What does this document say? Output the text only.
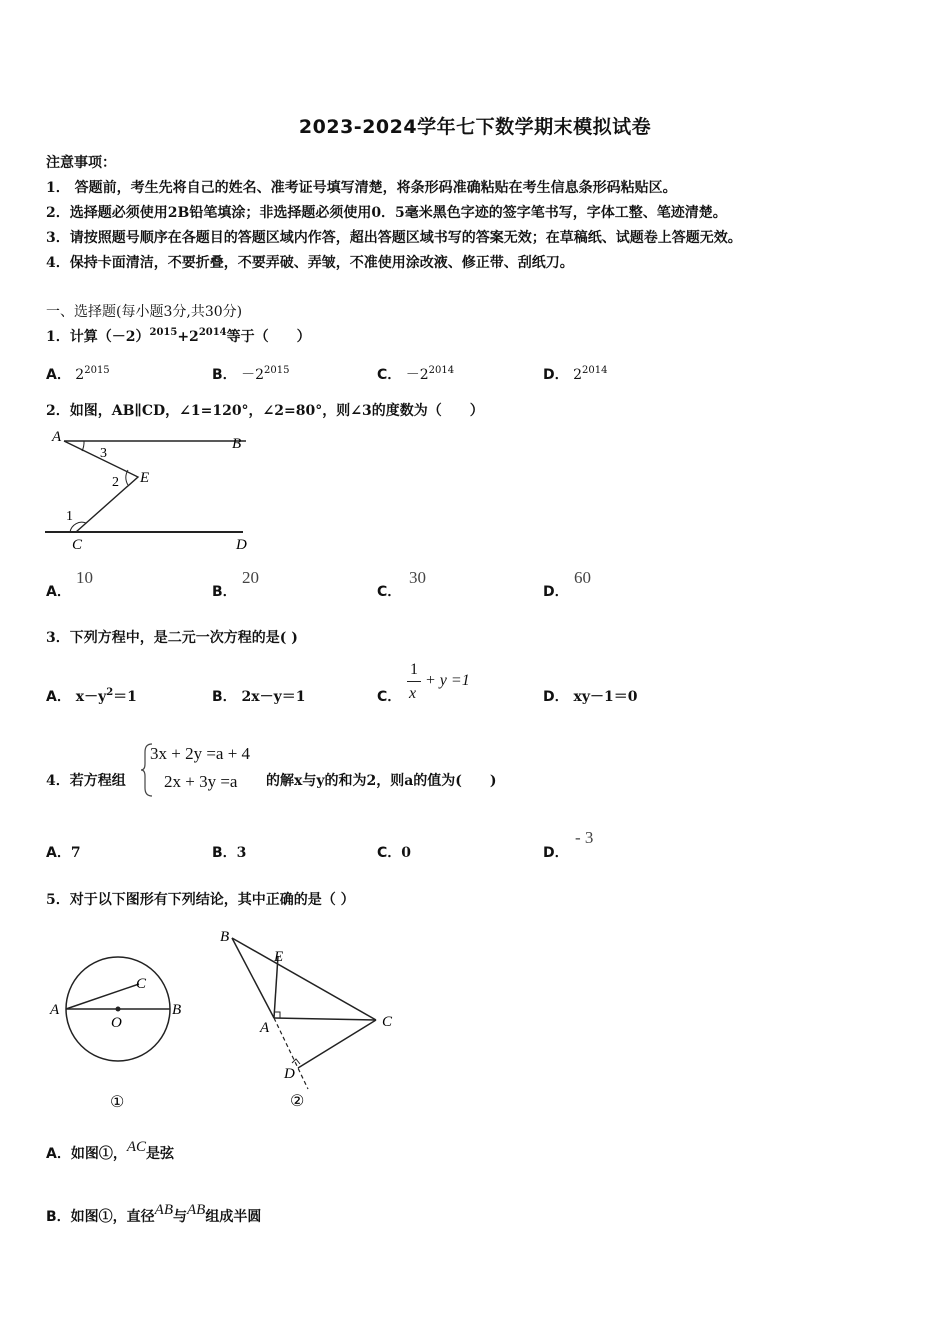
2023-2024学年七下数学期末模拟试卷
注意事项：
1． 答题前，考生先将自己的姓名、准考证号填写清楚，将条形码准确粘贴在考生信息条形码粘贴区。
2．选择题必须使用2B铅笔填涂；非选择题必须使用0．5毫米黑色字迹的签字笔书写，字体工整、笔迹清楚。
3．请按照题号顺序在各题目的答题区域内作答，超出答题区域书写的答案无效；在草稿纸、试题卷上答题无效。
4．保持卡面清洁，不要折叠，不要弄破、弄皱，不准使用涂改液、修正带、刮纸刀。
一、选择题(每小题3分,共30分)
1．计算$(-2)^{2015}+2^{2014}$等于（　　）
A． $2^{2015}$	B． $-2^{2015}$	C． $-2^{2014}$	D． $2^{2014}$
2．如图，AB∥CD，∠1=120°，∠2=80°，则∠3的度数为（　　）
A	B
C	D
E
1
2
3
A．
10
B．
20
C．
30
D．
60
3．下列方程中，是二元一次方程的是( )
A． $x-y^2=1$	B． 2x－y＝1	C．
1
x
+ y =1
D． xy－1＝0
4．若方程组
3x + 2y =a + 4
2x + 3y =a 的解x与y的和为2，则a的值为(　　)
A．7	B．3	C．0	D．
- 3
5．对于以下图形有下列结论，其中正确的是（ ）
A	B
C
O
①
B
E
A	C
D
②
A．如图①，AC是弦
B．如图①，直径AB与AB组成半圆
